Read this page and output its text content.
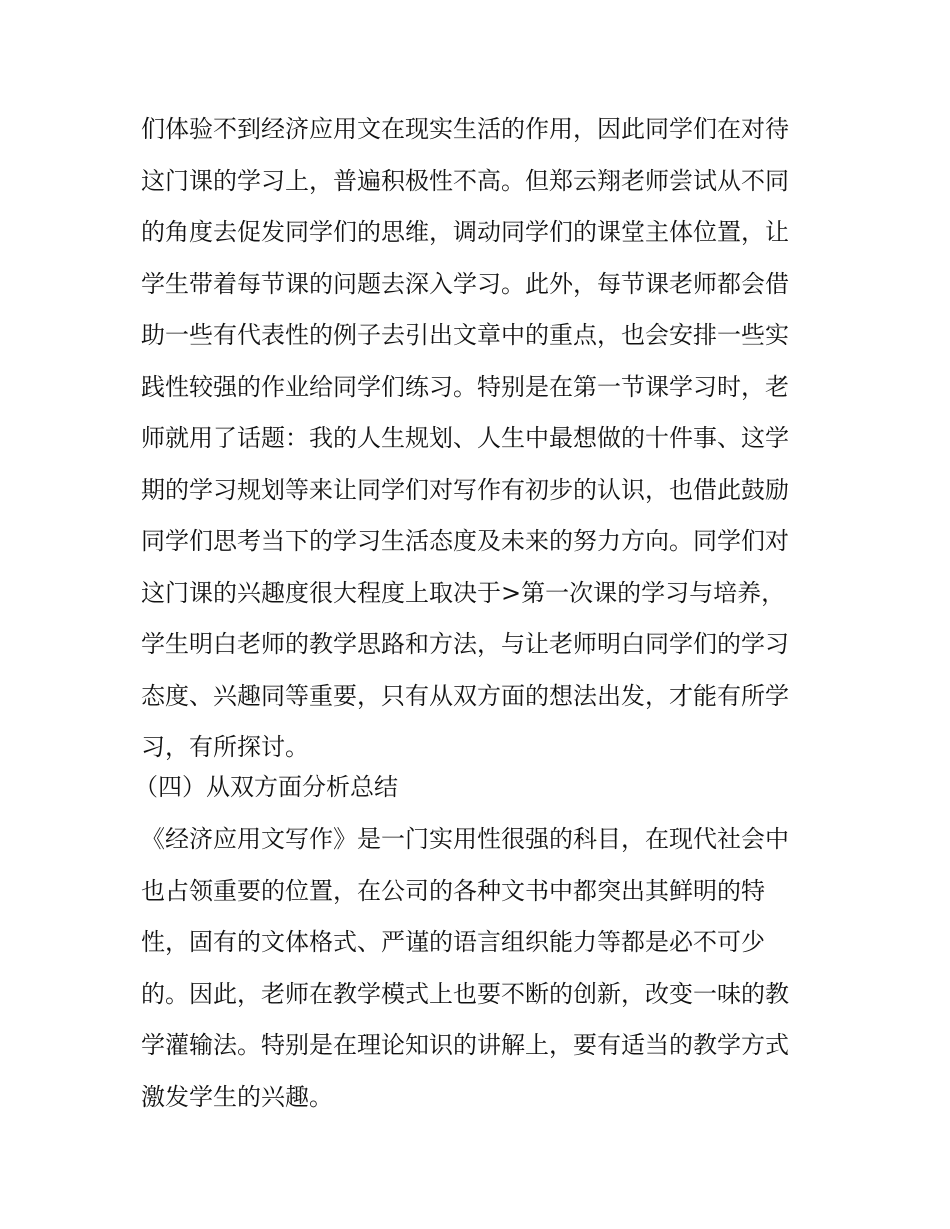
们体验不到经济应用文在现实生活的作用，因此同学们在对待
这门课的学习上，普遍积极性不高。但郑云翔老师尝试从不同
的角度去促发同学们的思维，调动同学们的课堂主体位置，让
学生带着每节课的问题去深入学习。此外，每节课老师都会借
助一些有代表性的例子去引出文章中的重点，也会安排一些实
践性较强的作业给同学们练习。特别是在第一节课学习时，老
师就用了话题：我的人生规划、人生中最想做的十件事、这学
期的学习规划等来让同学们对写作有初步的认识，也借此鼓励
同学们思考当下的学习生活态度及未来的努力方向。同学们对
这门课的兴趣度很大程度上取决于>第一次课的学习与培养，
学生明白老师的教学思路和方法，与让老师明白同学们的学习
态度、兴趣同等重要，只有从双方面的想法出发，才能有所学
习，有所探讨。
（四）从双方面分析总结
《经济应用文写作》是一门实用性很强的科目，在现代社会中
也占领重要的位置，在公司的各种文书中都突出其鲜明的特
性，固有的文体格式、严谨的语言组织能力等都是必不可少
的。因此，老师在教学模式上也要不断的创新，改变一味的教
学灌输法。特别是在理论知识的讲解上，要有适当的教学方式
激发学生的兴趣。
